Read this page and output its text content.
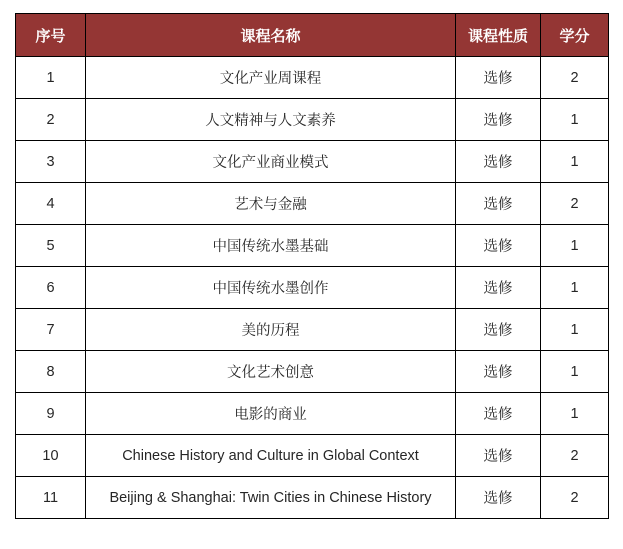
序号	课程名称	课程性质	学分
1	文化产业周课程	选修	2
2	人文精神与人文素养	选修	1
3	文化产业商业模式	选修	1
4	艺术与金融	选修	2
5	中国传统水墨基础	选修	1
6	中国传统水墨创作	选修	1
7	美的历程	选修	1
8	文化艺术创意	选修	1
9	电影的商业	选修	1
10	Chinese History and Culture in Global Context	选修	2
11	Beijing & Shanghai: Twin Cities in Chinese History	选修	2
